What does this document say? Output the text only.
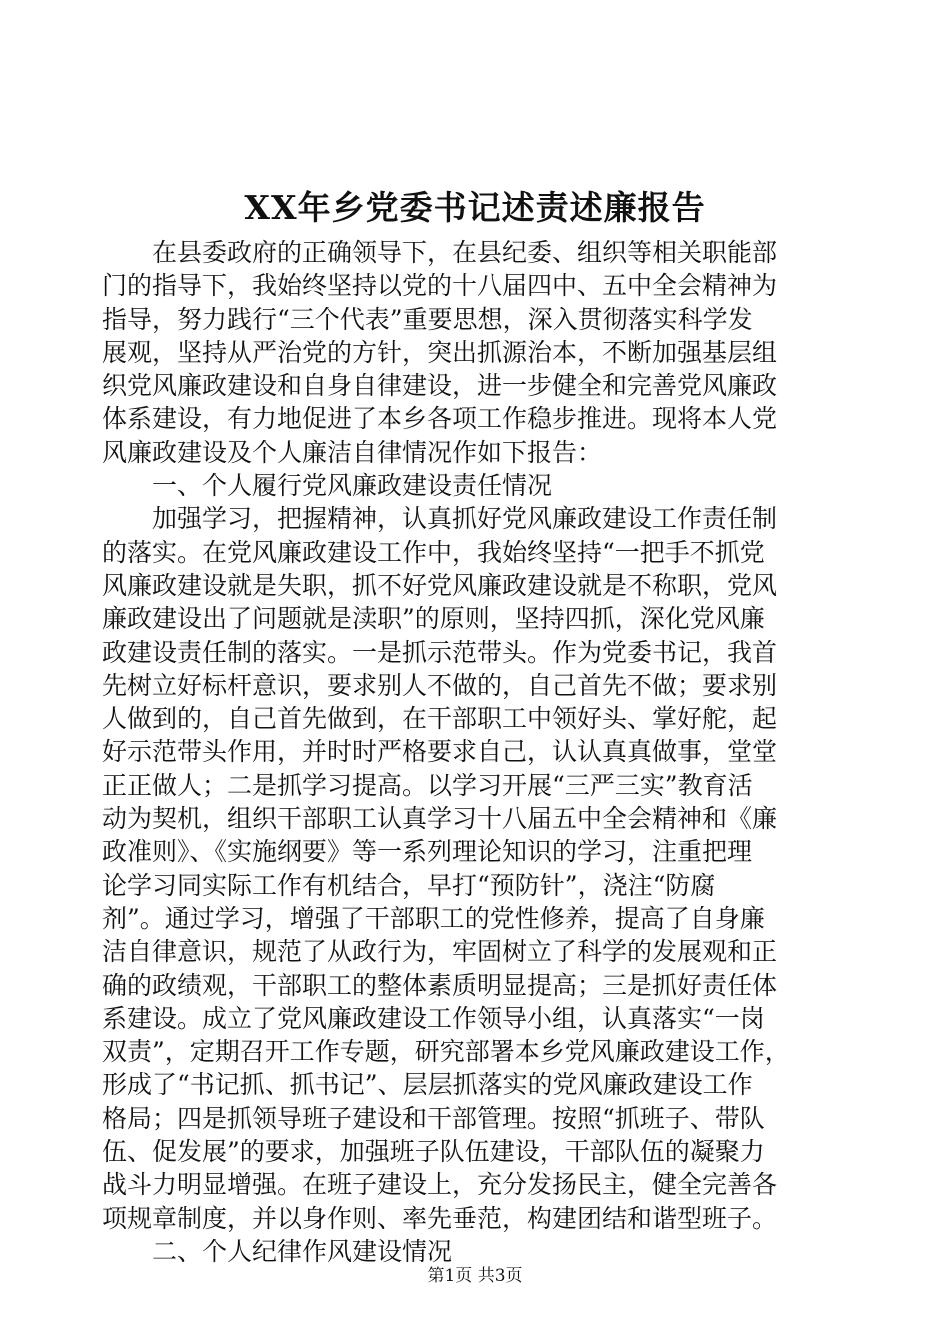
XX年乡党委书记述责述廉报告
　　在县委政府的正确领导下，在县纪委、组织等相关职能部
门的指导下，我始终坚持以党的十八届四中、五中全会精神为
指导，努力践行“三个代表”重要思想，深入贯彻落实科学发
展观，坚持从严治党的方针，突出抓源治本，不断加强基层组
织党风廉政建设和自身自律建设，进一步健全和完善党风廉政
体系建设，有力地促进了本乡各项工作稳步推进。现将本人党
风廉政建设及个人廉洁自律情况作如下报告：
　　一、个人履行党风廉政建设责任情况
　　加强学习，把握精神，认真抓好党风廉政建设工作责任制
的落实。在党风廉政建设工作中，我始终坚持“一把手不抓党
风廉政建设就是失职，抓不好党风廉政建设就是不称职，党风
廉政建设出了问题就是渎职”的原则，坚持四抓，深化党风廉
政建设责任制的落实。一是抓示范带头。作为党委书记，我首
先树立好标杆意识，要求别人不做的，自己首先不做；要求别
人做到的，自己首先做到，在干部职工中领好头、掌好舵，起
好示范带头作用，并时时严格要求自己，认认真真做事，堂堂
正正做人；二是抓学习提高。以学习开展“三严三实”教育活
动为契机，组织干部职工认真学习十八届五中全会精神和《廉
政准则》、《实施纲要》等一系列理论知识的学习，注重把理
论学习同实际工作有机结合，早打“预防针”，浇注“防腐
剂”。通过学习，增强了干部职工的党性修养，提高了自身廉
洁自律意识，规范了从政行为，牢固树立了科学的发展观和正
确的政绩观，干部职工的整体素质明显提高；三是抓好责任体
系建设。成立了党风廉政建设工作领导小组，认真落实“一岗
双责”，定期召开工作专题，研究部署本乡党风廉政建设工作，
形成了“书记抓、抓书记”、层层抓落实的党风廉政建设工作
格局；四是抓领导班子建设和干部管理。按照“抓班子、带队
伍、促发展”的要求，加强班子队伍建设，干部队伍的凝聚力
战斗力明显增强。在班子建设上，充分发扬民主，健全完善各
项规章制度，并以身作则、率先垂范，构建团结和谐型班子。
　　二、个人纪律作风建设情况
第1页 共3页
